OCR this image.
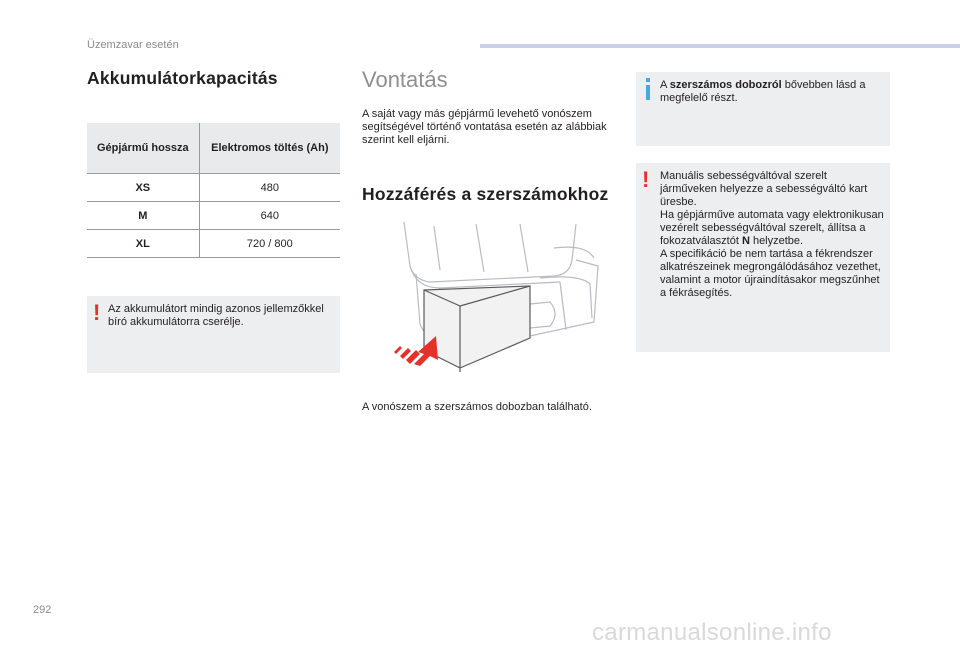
Üzemzavar esetén
Akkumulátorkapacitás
Gépjármű hossza	Elektromos töltés (Ah)
XS	480
M	640
XL	720 / 800
! Az akkumulátort mindig azonos jellemzőkkel bíró akkumulátorra cserélje.
Vontatás
A saját vagy más gépjármű levehető vonószem segítségével történő vontatása esetén az alábbiak szerint kell eljárni.
Hozzáférés a szerszámokhoz
A vonószem a szerszámos dobozban található.
A szerszámos dobozról bővebben lásd a megfelelő részt.
! Manuális sebességváltóval szerelt járműveken helyezze a sebességváltó kart üresbe.
Ha gépjárműve automata vagy elektronikusan vezérelt sebességváltóval szerelt, állítsa a fokozatválasztót N helyzetbe.
A specifikáció be nem tartása a fékrendszer alkatrészeinek megrongálódásához vezethet, valamint a motor újraindításakor megszűnhet a fékrásegítés.
292
carmanualsonline.info
